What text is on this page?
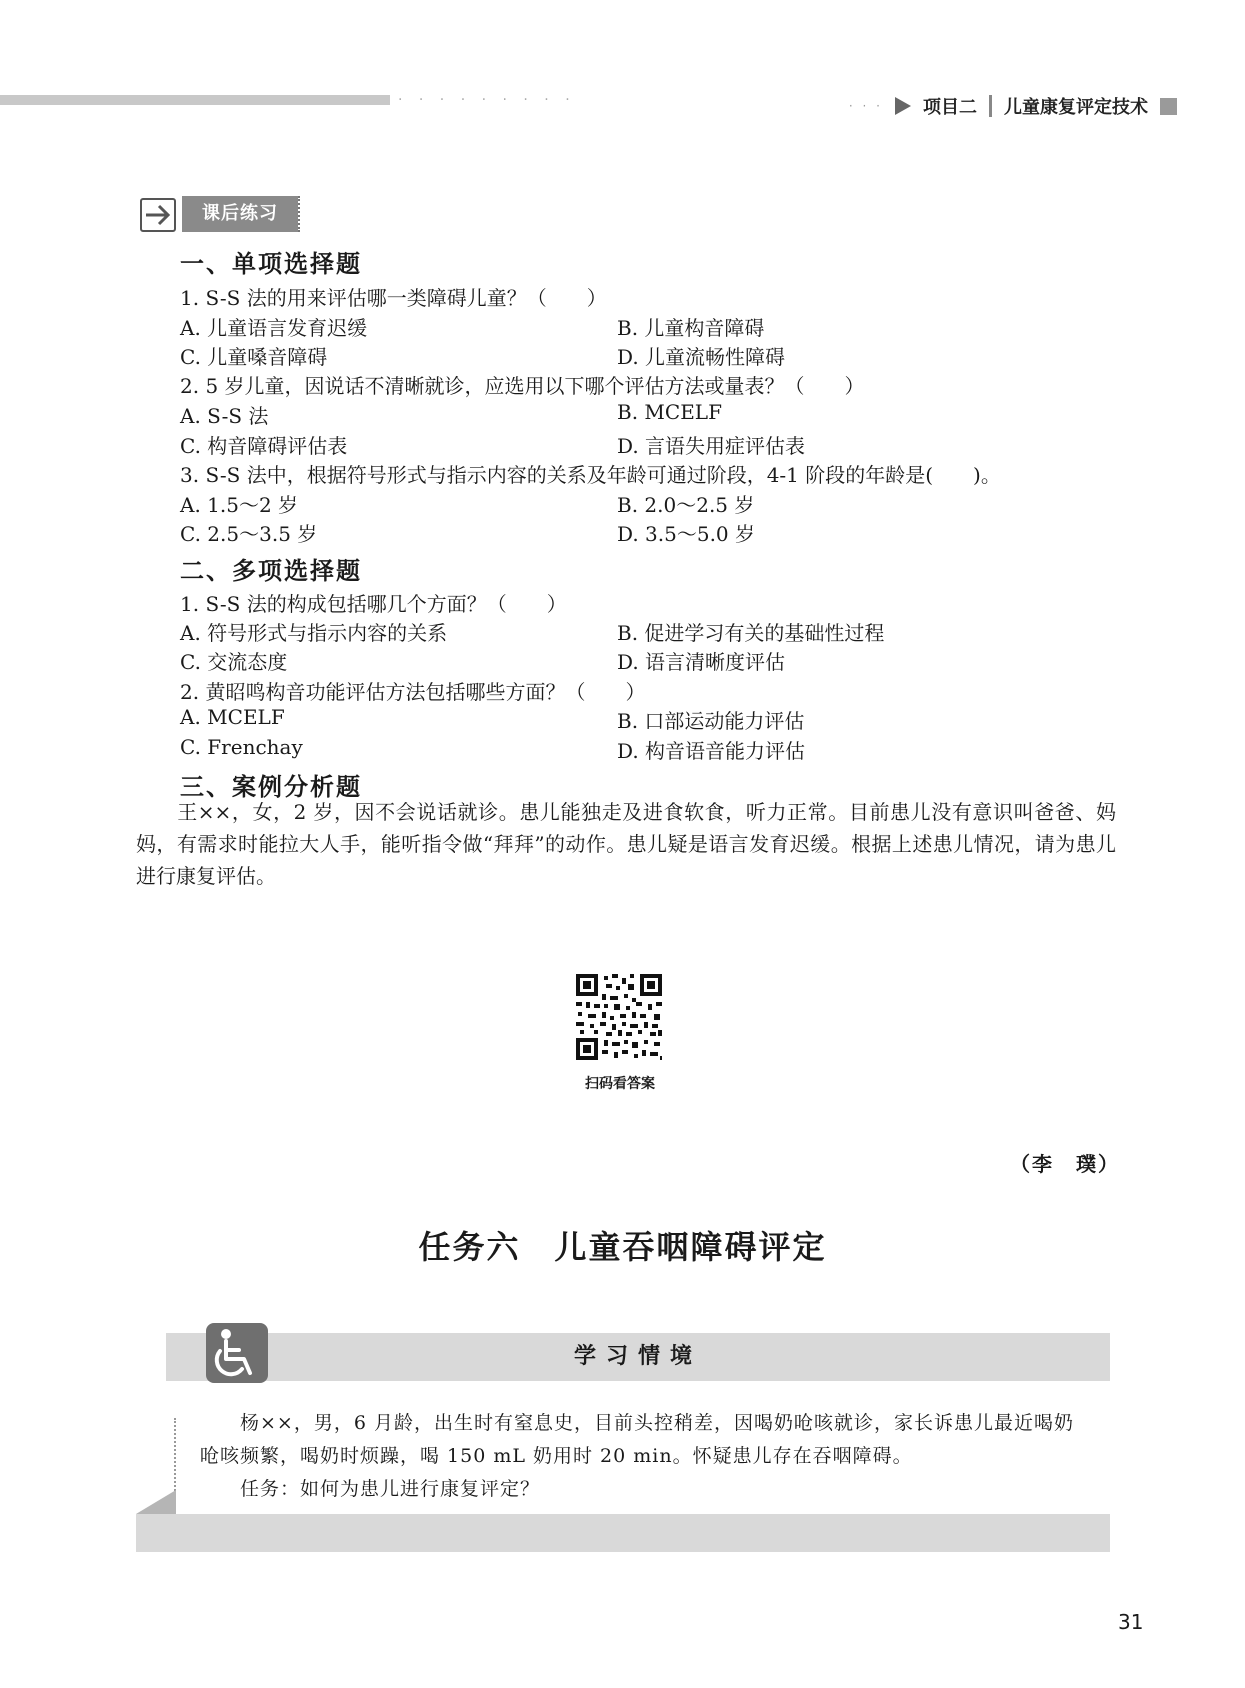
· · · · · · · · ·	· · · 项目二 儿童康复评定技术
课后练习
一、单项选择题
1. S-S 法的用来评估哪一类障碍儿童？（　　）
A. 儿童语言发育迟缓	B. 儿童构音障碍
C. 儿童嗓音障碍	D. 儿童流畅性障碍
2. 5 岁儿童，因说话不清晰就诊，应选用以下哪个评估方法或量表？（　　）
A. S-S 法	B. MCELF
C. 构音障碍评估表	D. 言语失用症评估表
3. S-S 法中，根据符号形式与指示内容的关系及年龄可通过阶段，4-1 阶段的年龄是(　　)。
A. 1.5～2 岁	B. 2.0～2.5 岁
C. 2.5～3.5 岁	D. 3.5～5.0 岁
二、多项选择题
1. S-S 法的构成包括哪几个方面？（　　）
A. 符号形式与指示内容的关系	B. 促进学习有关的基础性过程
C. 交流态度	D. 语言清晰度评估
2. 黄昭鸣构音功能评估方法包括哪些方面？（　　）
A. MCELF	B. 口部运动能力评估
C. Frenchay	D. 构音语音能力评估
三、案例分析题
　　王××，女，2 岁，因不会说话就诊。患儿能独走及进食软食，听力正常。目前患儿没有意识叫爸爸、妈妈，有需求时能拉大人手，能听指令做“拜拜”的动作。患儿疑是语言发育迟缓。根据上述患儿情况，请为患儿进行康复评估。
扫码看答案
（李　璞）
任务六　儿童吞咽障碍评定
学习情境
　　杨××，男，6 月龄，出生时有窒息史，目前头控稍差，因喝奶呛咳就诊，家长诉患儿最近喝奶呛咳频繁，喝奶时烦躁，喝 150 mL 奶用时 20 min。怀疑患儿存在吞咽障碍。
　　任务：如何为患儿进行康复评定？
31
